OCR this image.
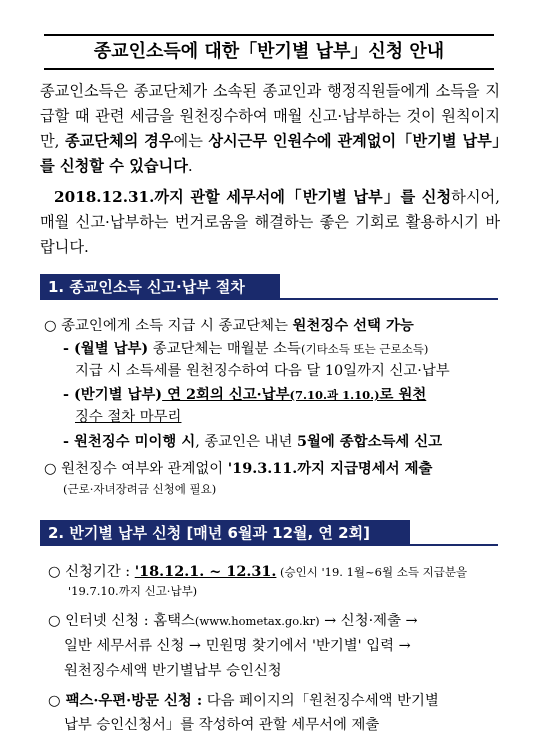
종교인소득에 대한「반기별 납부」신청 안내
종교인소득은 종교단체가 소속된 종교인과 행정직원들에게 소득을 지급할 때 관련 세금을 원천징수하여 매월 신고·납부하는 것이 원칙이지만, 종교단체의 경우에는 상시근무 인원수에 관계없이「반기별 납부」를 신청할 수 있습니다.
2018.12.31.까지 관할 세무서에「반기별 납부」를 신청하시어, 매월 신고·납부하는 번거로움을 해결하는 좋은 기회로 활용하시기 바랍니다.
1. 종교인소득 신고·납부 절차
○ 종교인에게 소득 지급 시 종교단체는 원천징수 선택 가능
- (월별 납부) 종교단체는 매월분 소득(기타소득 또는 근로소득)
지급 시 소득세를 원천징수하여 다음 달 10일까지 신고·납부
- (반기별 납부) 연 2회의 신고·납부(7.10.과 1.10.)로 원천
징수 절차 마무리
- 원천징수 미이행 시, 종교인은 내년 5월에 종합소득세 신고
○ 원천징수 여부와 관계없이 '19.3.11.까지 지급명세서 제출
(근로·자녀장려금 신청에 필요)
2. 반기별 납부 신청 [매년 6월과 12월, 연 2회]
○ 신청기간 : '18.12.1. ~ 12.31. (승인시 '19. 1월~6월 소득 지급분을
'19.7.10.까지 신고·납부)
○ 인터넷 신청 : 홈택스(www.hometax.go.kr) → 신청·제출 →
일반 세무서류 신청 → 민원명 찾기에서 '반기별' 입력 →
원천징수세액 반기별납부 승인신청
○ 팩스·우편·방문 신청 : 다음 페이지의「원천징수세액 반기별
납부 승인신청서」를 작성하여 관할 세무서에 제출
